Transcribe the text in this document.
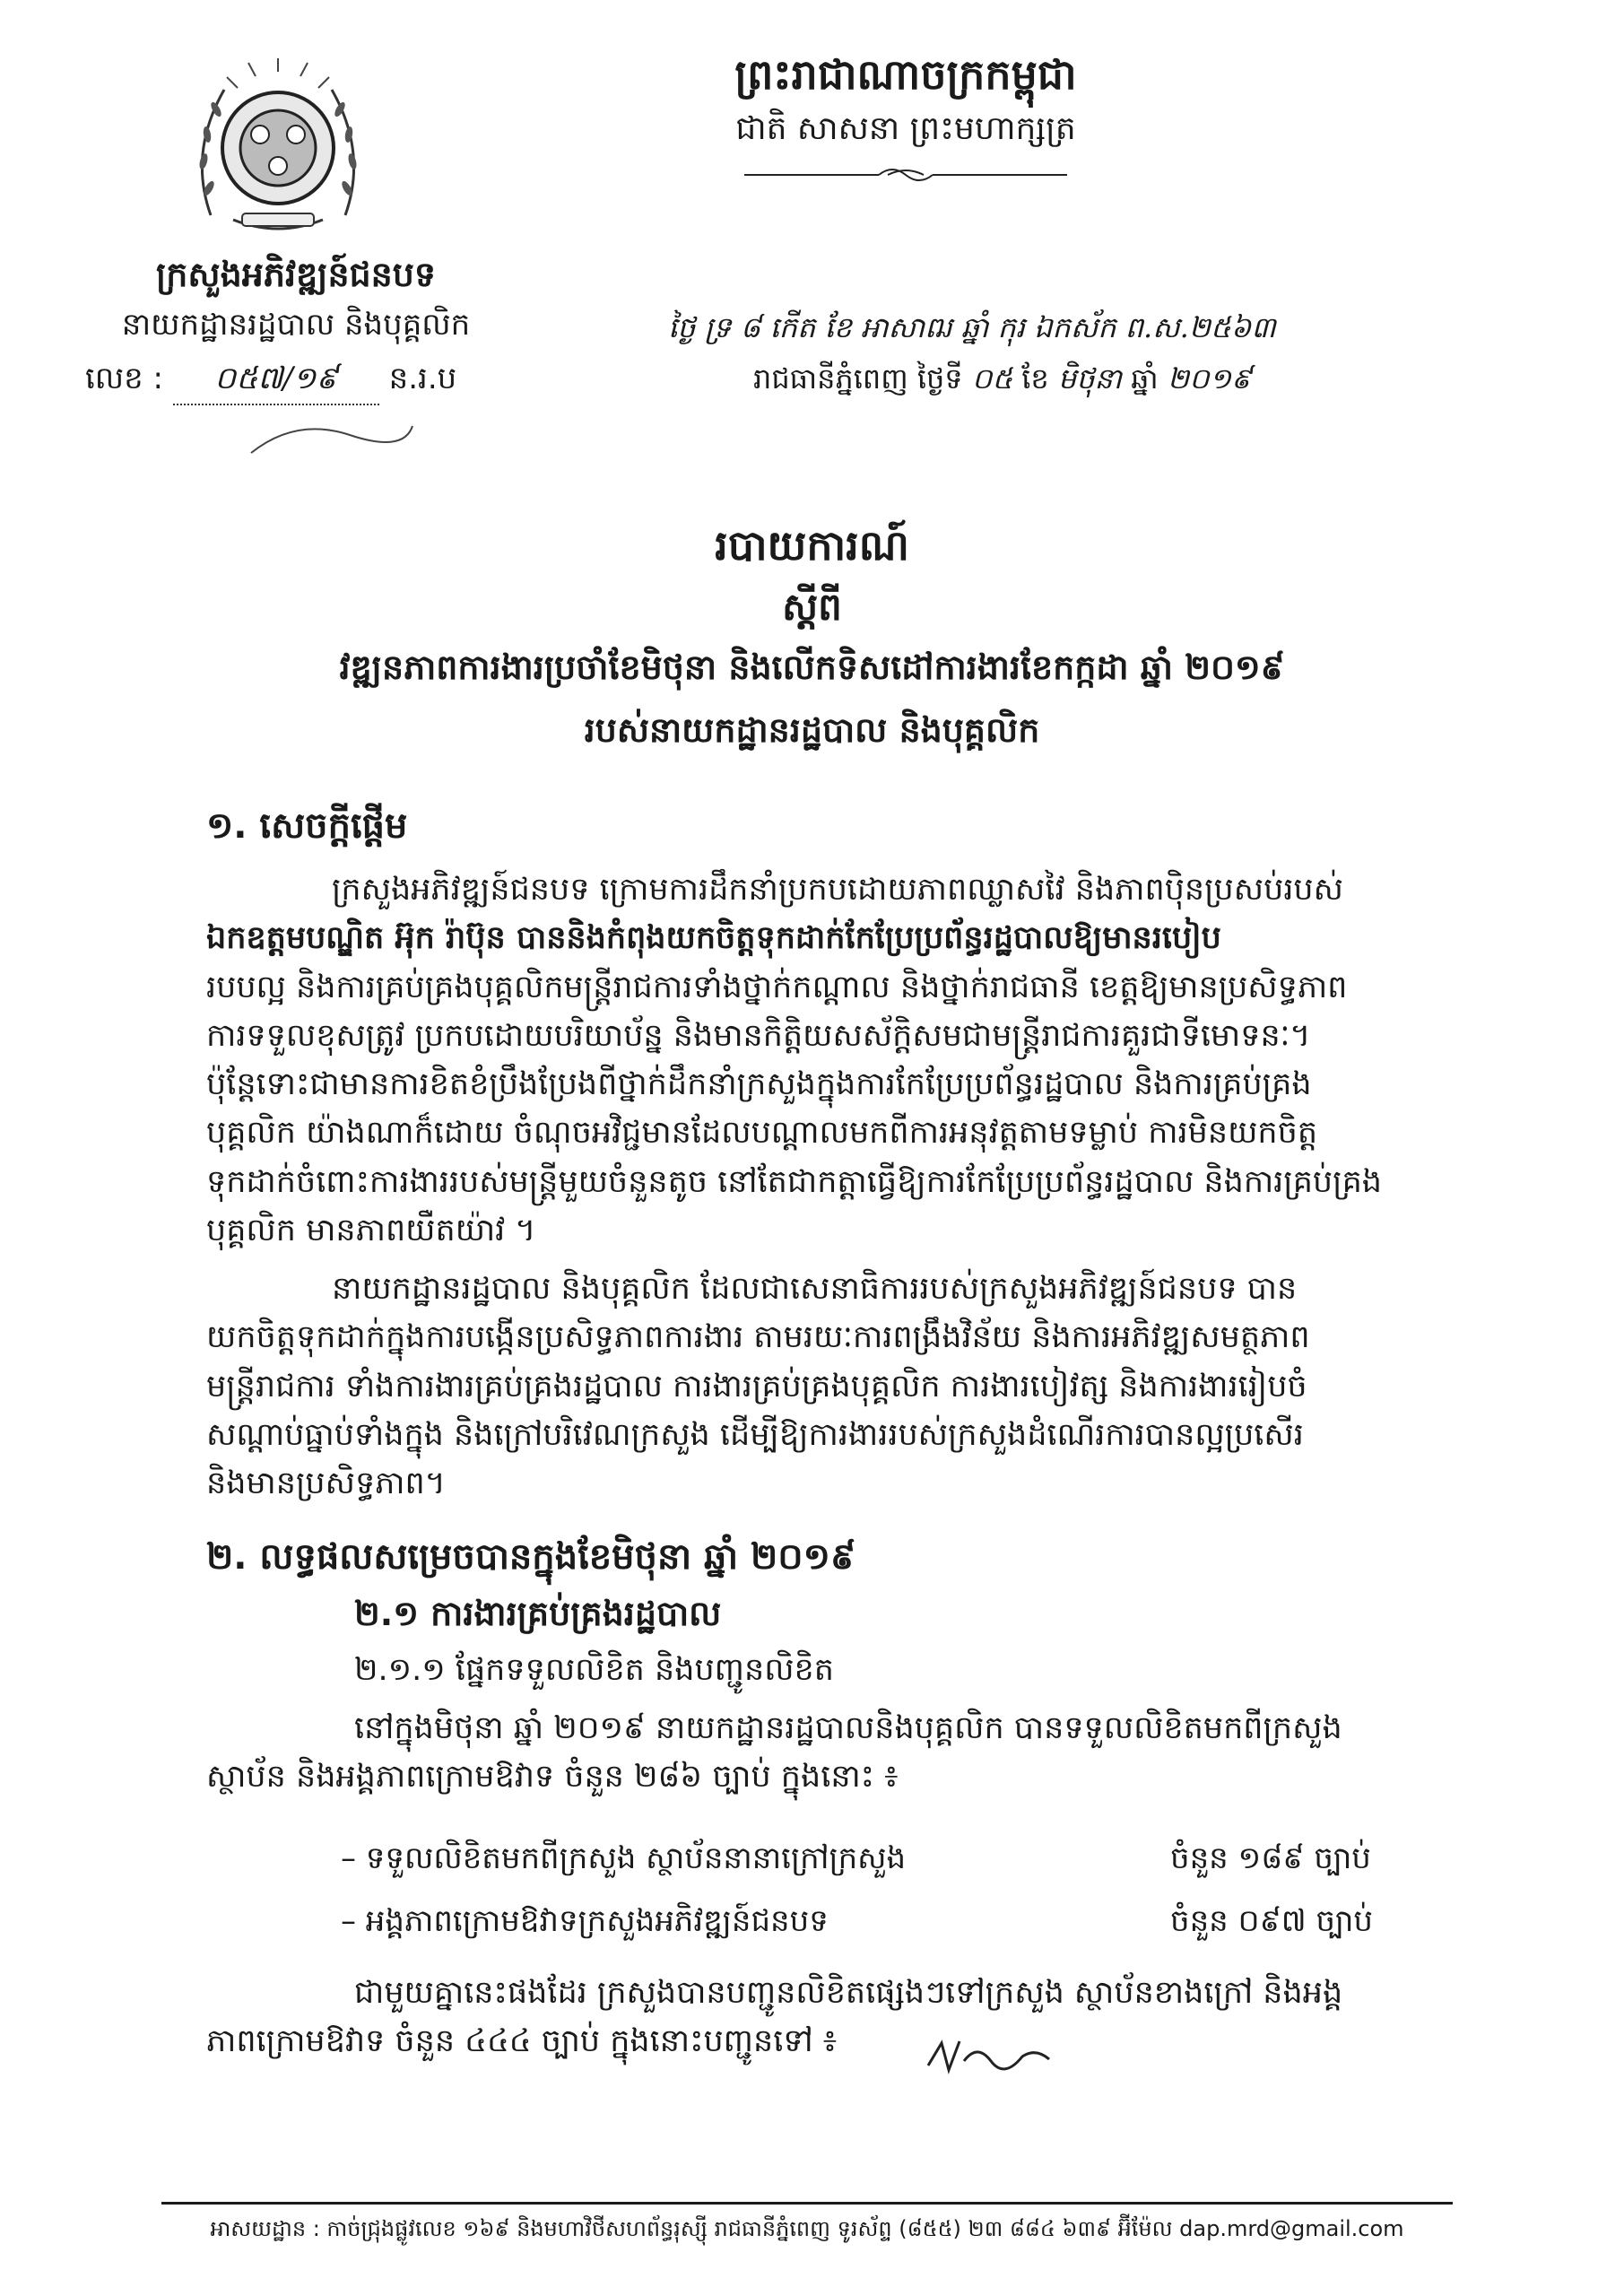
ក្រសួងអភិវឌ្ឍន៍ជនបទ
នាយកដ្ឋានរដ្ឋបាល និងបុគ្គលិក
លេខ : ០៥៧/១៩ ន.រ.ប
ព្រះរាជាណាចក្រកម្ពុជា
ជាតិ សាសនា ព្រះមហាក្សត្រ
ថ្ងៃ ទ្រ ៨ កើត ខែ អាសាឍ ឆ្នាំ កុរ ឯកស័ក ព.ស.២៥៦៣
រាជធានីភ្នំពេញ ថ្ងៃទី ០៥ ខែ មិថុនា ឆ្នាំ ២០១៩
របាយការណ៍
ស្តីពី
វឌ្ឍនភាពការងារប្រចាំខែមិថុនា និងលើកទិសដៅការងារខែកក្កដា ឆ្នាំ ២០១៩
របស់នាយកដ្ឋានរដ្ឋបាល និងបុគ្គលិក
១. សេចក្តីផ្តើម
ក្រសួងអភិវឌ្ឍន៍ជនបទ ក្រោមការដឹកនាំប្រកបដោយភាពឈ្លាសវៃ និងភាពប៉ិនប្រសប់របស់
ឯកឧត្តមបណ្ឌិត អ៊ុក រ៉ាប៊ុន បាននិងកំពុងយកចិត្តទុកដាក់កែប្រែប្រព័ន្ធរដ្ឋបាលឱ្យមានរបៀប
របបល្អ និងការគ្រប់គ្រងបុគ្គលិកមន្ត្រីរាជការទាំងថ្នាក់កណ្តាល និងថ្នាក់រាជធានី ខេត្តឱ្យមានប្រសិទ្ធភាព
ការទទួលខុសត្រូវ ប្រកបដោយបរិយាប័ន្ន និងមានកិត្តិយសស័ក្តិសមជាមន្ត្រីរាជការគួរជាទីមោទនៈ។
ប៉ុន្តែទោះជាមានការខិតខំប្រឹងប្រែងពីថ្នាក់ដឹកនាំក្រសួងក្នុងការកែប្រែប្រព័ន្ធរដ្ឋបាល និងការគ្រប់គ្រង
បុគ្គលិក យ៉ាងណាក៏ដោយ ចំណុចអវិជ្ជមានដែលបណ្តាលមកពីការអនុវត្តតាមទម្លាប់ ការមិនយកចិត្ត
ទុកដាក់ចំពោះការងាររបស់មន្ត្រីមួយចំនួនតូច នៅតែជាកត្តាធ្វើឱ្យការកែប្រែប្រព័ន្ធរដ្ឋបាល និងការគ្រប់គ្រង
បុគ្គលិក មានភាពយឺតយ៉ាវ ។
នាយកដ្ឋានរដ្ឋបាល និងបុគ្គលិក ដែលជាសេនាធិការរបស់ក្រសួងអភិវឌ្ឍន៍ជនបទ បាន
យកចិត្តទុកដាក់ក្នុងការបង្កើនប្រសិទ្ធភាពការងារ តាមរយៈការពង្រឹងវិន័យ និងការអភិវឌ្ឍសមត្ថភាព
មន្ត្រីរាជការ ទាំងការងារគ្រប់គ្រងរដ្ឋបាល ការងារគ្រប់គ្រងបុគ្គលិក ការងារបៀវត្ស និងការងាររៀបចំ
សណ្តាប់ធ្នាប់ទាំងក្នុង និងក្រៅបរិវេណក្រសួង ដើម្បីឱ្យការងាររបស់ក្រសួងដំណើរការបានល្អប្រសើរ
និងមានប្រសិទ្ធភាព។
២. លទ្ធផលសម្រេចបានក្នុងខែមិថុនា ឆ្នាំ ២០១៩
២.១ ការងារគ្រប់គ្រងរដ្ឋបាល
២.១.១ ផ្នែកទទួលលិខិត និងបញ្ជូនលិខិត
នៅក្នុងមិថុនា ឆ្នាំ ២០១៩ នាយកដ្ឋានរដ្ឋបាលនិងបុគ្គលិក បានទទួលលិខិតមកពីក្រសួង
ស្ថាប័ន និងអង្គភាពក្រោមឱវាទ ចំនួន ២៨៦ ច្បាប់ ក្នុងនោះ ៖
– ទទួលលិខិតមកពីក្រសួង ស្ថាប័ននានាក្រៅក្រសួង	ចំនួន ១៨៩ ច្បាប់
– អង្គភាពក្រោមឱវាទក្រសួងអភិវឌ្ឍន៍ជនបទ	ចំនួន ០៩៧ ច្បាប់
ជាមួយគ្នានេះផងដែរ ក្រសួងបានបញ្ជូនលិខិតផ្សេងៗទៅក្រសួង ស្ថាប័នខាងក្រៅ និងអង្គ
ភាពក្រោមឱវាទ ចំនួន ៤៤៤ ច្បាប់ ក្នុងនោះបញ្ជូនទៅ ៖
អាសយដ្ឋាន : កាច់ជ្រុងផ្លូវលេខ ១៦៩ និងមហាវិថីសហព័ន្ធរុស្ស៊ី រាជធានីភ្នំពេញ ទូរស័ព្ទ (៨៥៥) ២៣ ៨៨៤ ៦៣៩ អ៊ីម៉ែល dap.mrd@gmail.com
